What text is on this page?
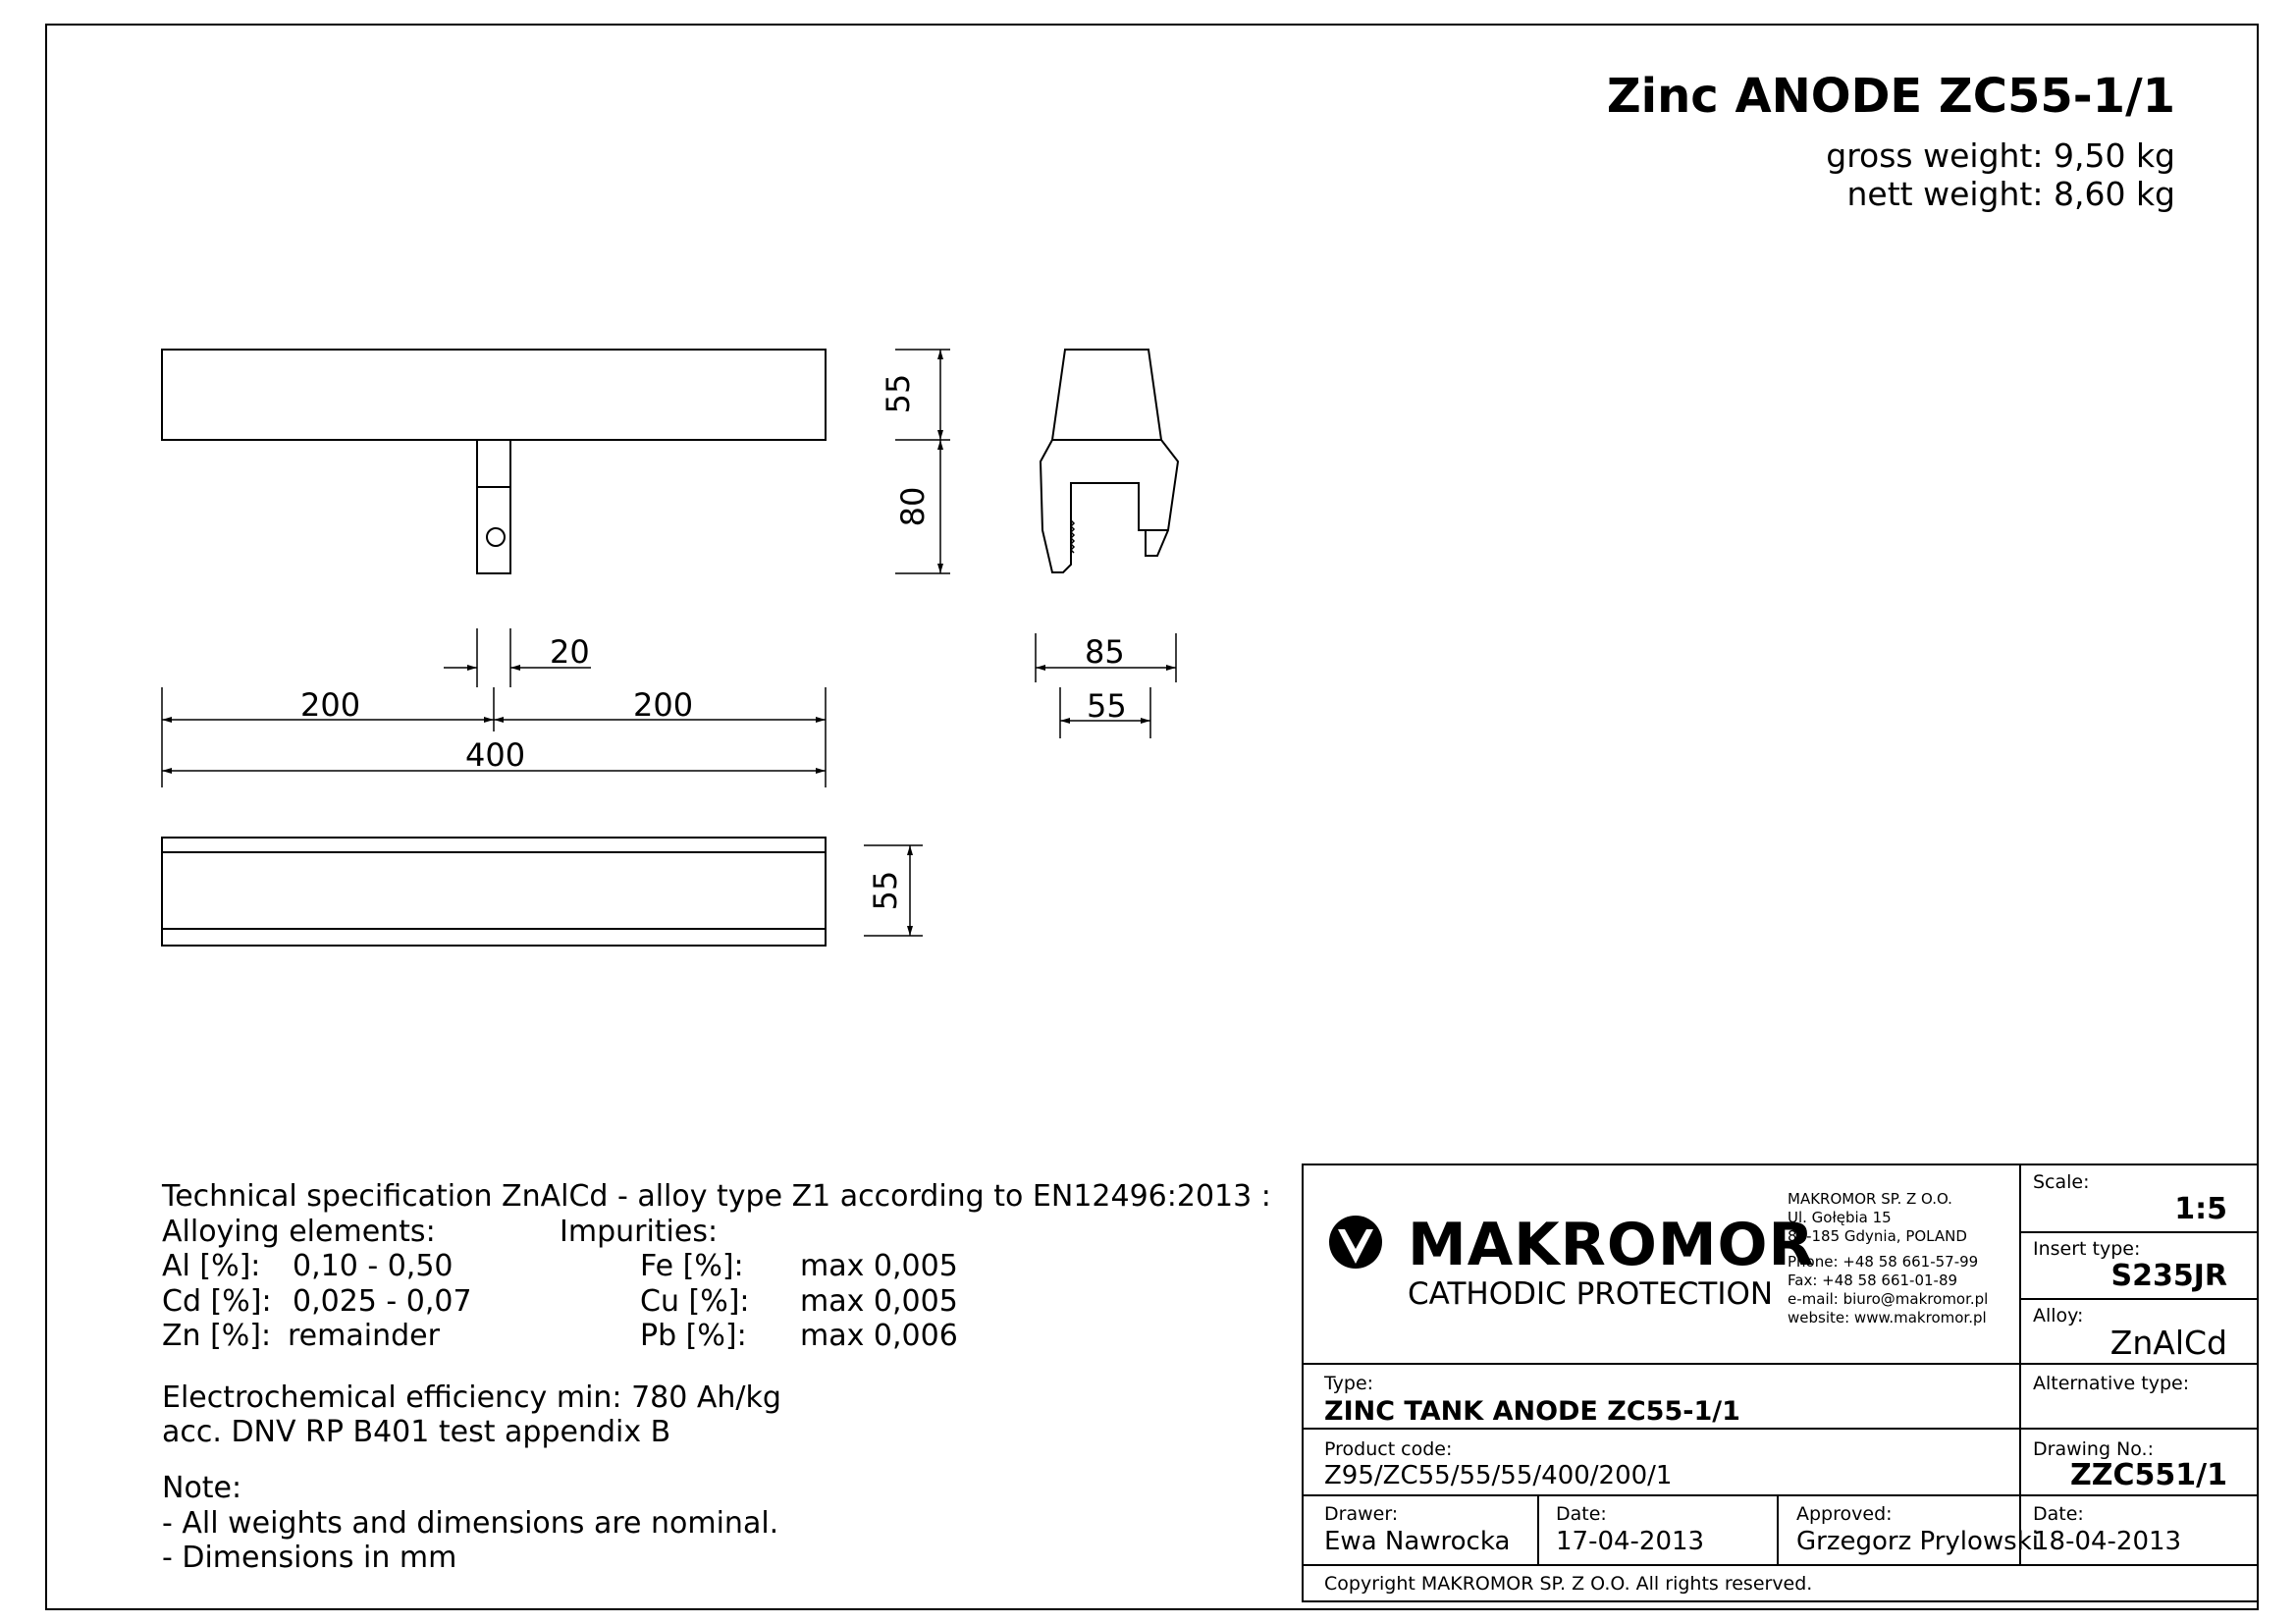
55
80
20
200	200
400
85
55
55
Zinc ANODE ZC55-1/1
gross weight: 9,50 kg
nett weight: 8,60 kg
Technical specification ZnAlCd - alloy type Z1 according to EN12496:2013 :
Alloying elements:	Impurities:
Al [%]: 0,10 - 0,50
Cd [%]: 0,025 - 0,07
Zn [%]: remainder
Fe [%]: max 0,005
Cu [%]: max 0,005
Pb [%]: max 0,006
Electrochemical efficiency min: 780 Ah/kg
acc. DNV RP B401 test appendix B
Note:
- All weights and dimensions are nominal.
- Dimensions in mm
MAKROMOR
CATHODIC PROTECTION
MAKROMOR SP. Z O.O.
Ul. Gołębia 15
81-185 Gdynia, POLAND
Phone: +48 58 661-57-99
Fax: +48 58 661-01-89
e-mail: biuro@makromor.pl
website: www.makromor.pl
Scale:
1:5
Insert type:
S235JR
Alloy:
ZnAlCd
Type:
ZINC TANK ANODE ZC55-1/1
Alternative type:
Product code:
Z95/ZC55/55/55/400/200/1
Drawing No.:
ZZC551/1
Drawer:
Ewa Nawrocka
Date:
17-04-2013
Approved:
Grzegorz Prylowski
Date:
18-04-2013
Copyright MAKROMOR SP. Z O.O. All rights reserved.
